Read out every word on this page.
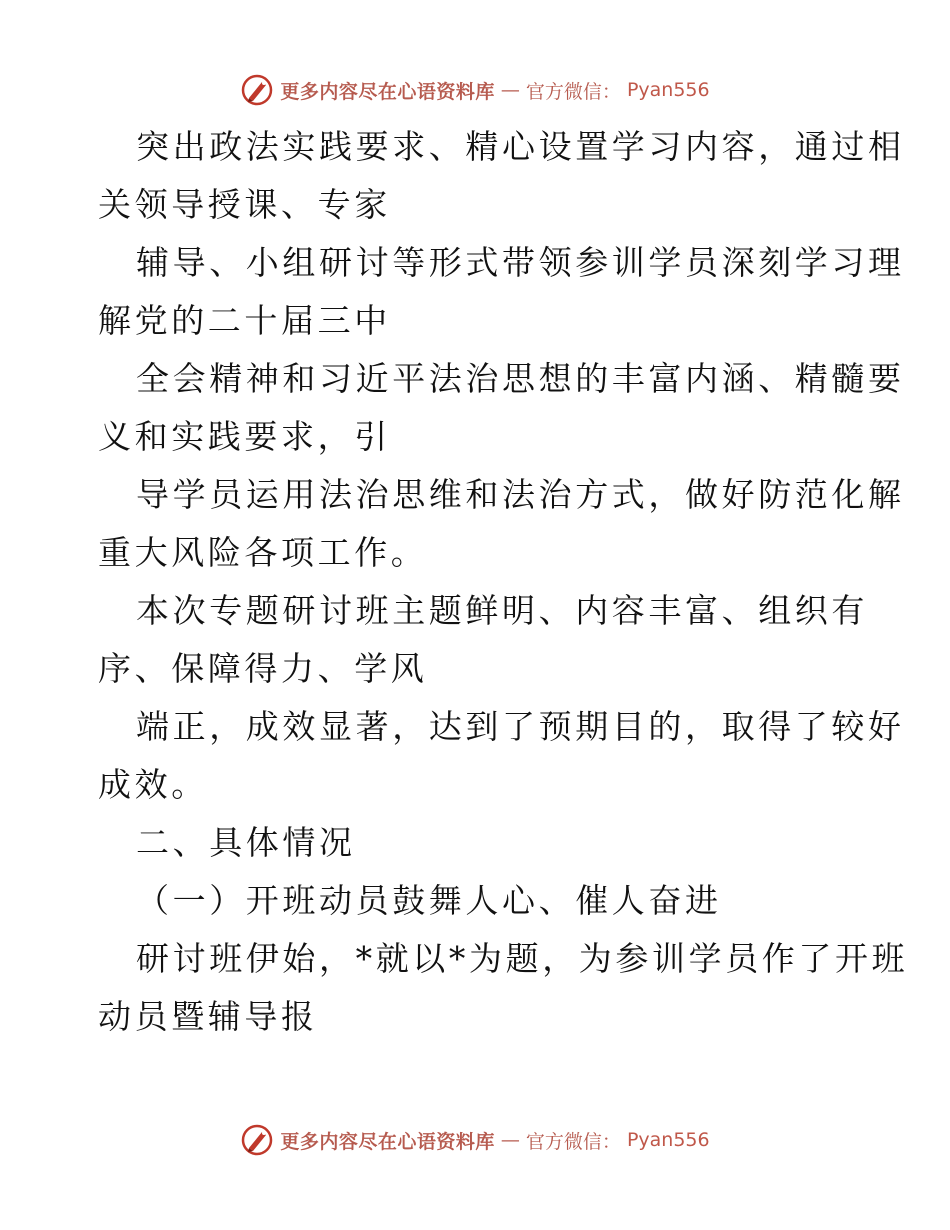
更多内容尽在心语资料库 — 官方微信： Pyan556
突出政法实践要求、精心设置学习内容，通过相
关领导授课、专家
辅导、小组研讨等形式带领参训学员深刻学习理
解党的二十届三中
全会精神和习近平法治思想的丰富内涵、精髓要
义和实践要求，引
导学员运用法治思维和法治方式，做好防范化解
重大风险各项工作。
本次专题研讨班主题鲜明、内容丰富、组织有
序、保障得力、学风
端正，成效显著，达到了预期目的，取得了较好
成效。
二、具体情况
（一）开班动员鼓舞人心、催人奋进
研讨班伊始，*就以*为题，为参训学员作了开班
动员暨辅导报
更多内容尽在心语资料库 — 官方微信： Pyan556
